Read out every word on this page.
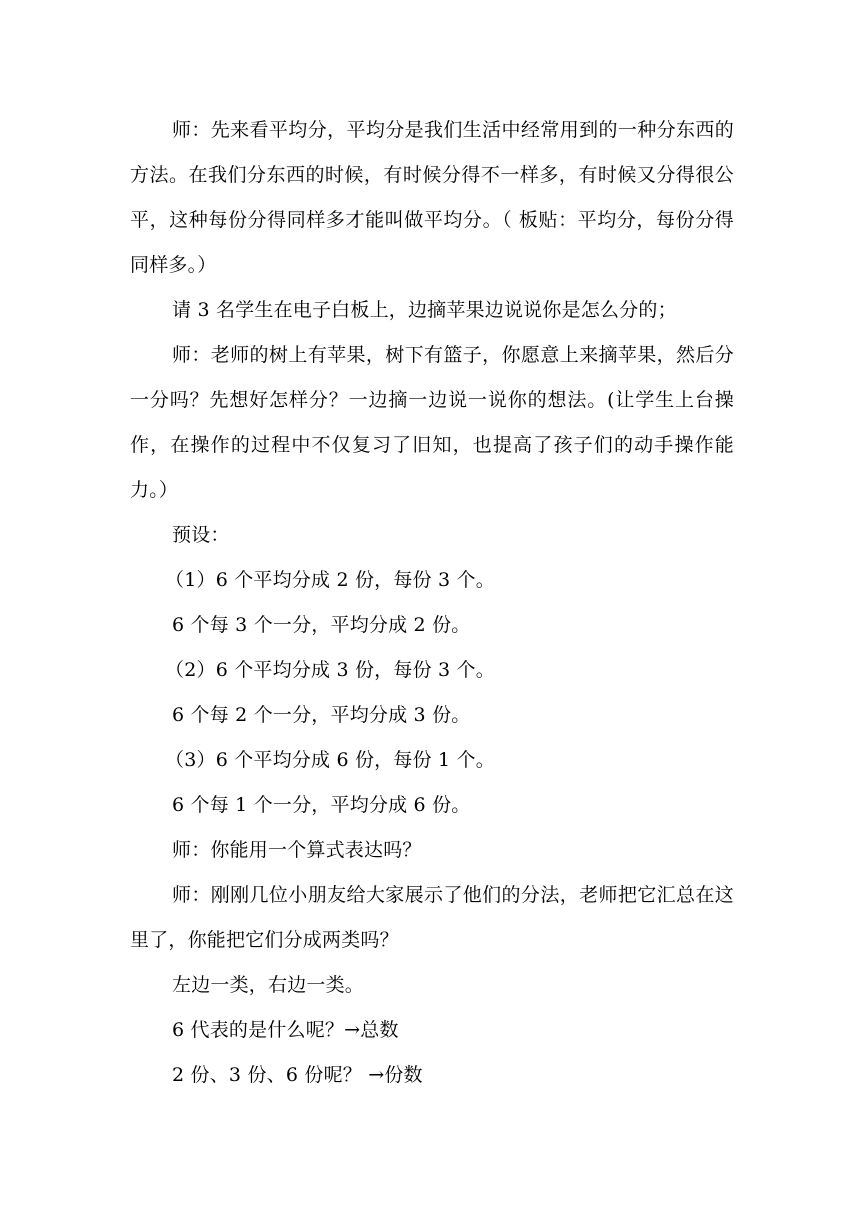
师：先来看平均分，平均分是我们生活中经常用到的一种分东西的方法。在我们分东西的时候，有时候分得不一样多，有时候又分得很公平，这种每份分得同样多才能叫做平均分。（ 板贴：平均分，每份分得同样多。）

请 3 名学生在电子白板上，边摘苹果边说说你是怎么分的；

师：老师的树上有苹果，树下有篮子，你愿意上来摘苹果，然后分一分吗？先想好怎样分？一边摘一边说一说你的想法。(让学生上台操作，在操作的过程中不仅复习了旧知，也提高了孩子们的动手操作能力。）

预设：

（1）6 个平均分成 2 份，每份 3 个。

6 个每 3 个一分，平均分成 2 份。

（2）6 个平均分成 3 份，每份 3 个。

6 个每 2 个一分，平均分成 3 份。

（3）6 个平均分成 6 份，每份 1 个。

6 个每 1 个一分，平均分成 6 份。

师：你能用一个算式表达吗？

师：刚刚几位小朋友给大家展示了他们的分法，老师把它汇总在这里了，你能把它们分成两类吗？

左边一类，右边一类。

6 代表的是什么呢？→总数

2 份、3 份、6 份呢？ →份数
